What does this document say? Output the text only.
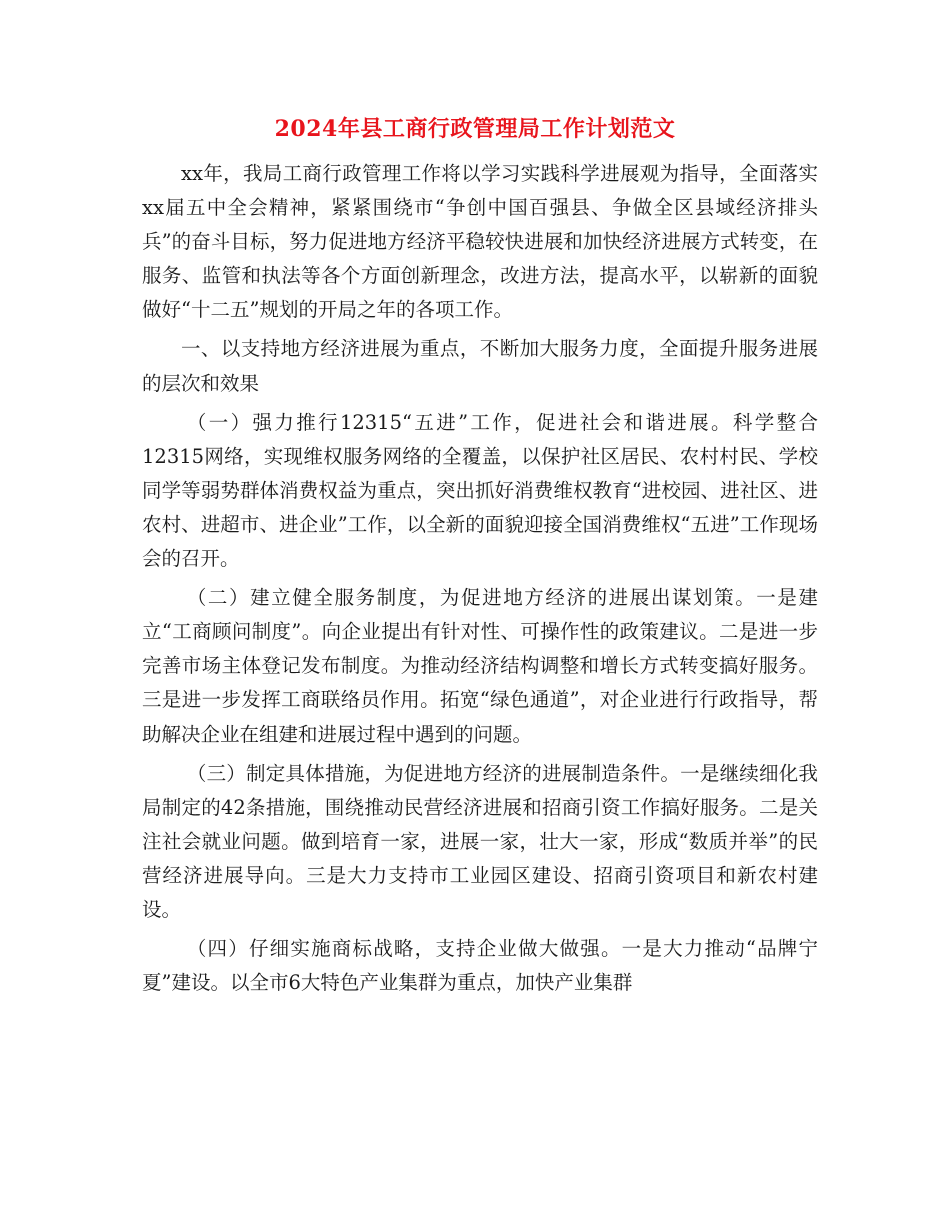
2024年县工商行政管理局工作计划范文

xx年，我局工商行政管理工作将以学习实践科学进展观为指导，全面落实xx届五中全会精神，紧紧围绕市“争创中国百强县、争做全区县域经济排头兵”的奋斗目标，努力促进地方经济平稳较快进展和加快经济进展方式转变，在服务、监管和执法等各个方面创新理念，改进方法，提高水平，以崭新的面貌做好“十二五”规划的开局之年的各项工作。

一、以支持地方经济进展为重点，不断加大服务力度，全面提升服务进展的层次和效果

（一）强力推行12315“五进”工作，促进社会和谐进展。科学整合12315网络，实现维权服务网络的全覆盖，以保护社区居民、农村村民、学校同学等弱势群体消费权益为重点，突出抓好消费维权教育“进校园、进社区、进农村、进超市、进企业”工作，以全新的面貌迎接全国消费维权“五进”工作现场会的召开。

（二）建立健全服务制度，为促进地方经济的进展出谋划策。一是建立“工商顾问制度”。向企业提出有针对性、可操作性的政策建议。二是进一步完善市场主体登记发布制度。为推动经济结构调整和增长方式转变搞好服务。三是进一步发挥工商联络员作用。拓宽“绿色通道”，对企业进行行政指导，帮助解决企业在组建和进展过程中遇到的问题。

（三）制定具体措施，为促进地方经济的进展制造条件。一是继续细化我局制定的42条措施，围绕推动民营经济进展和招商引资工作搞好服务。二是关注社会就业问题。做到培育一家，进展一家，壮大一家，形成“数质并举”的民营经济进展导向。三是大力支持市工业园区建设、招商引资项目和新农村建设。

（四）仔细实施商标战略，支持企业做大做强。一是大力推动“品牌宁夏”建设。以全市6大特色产业集群为重点，加快产业集群
